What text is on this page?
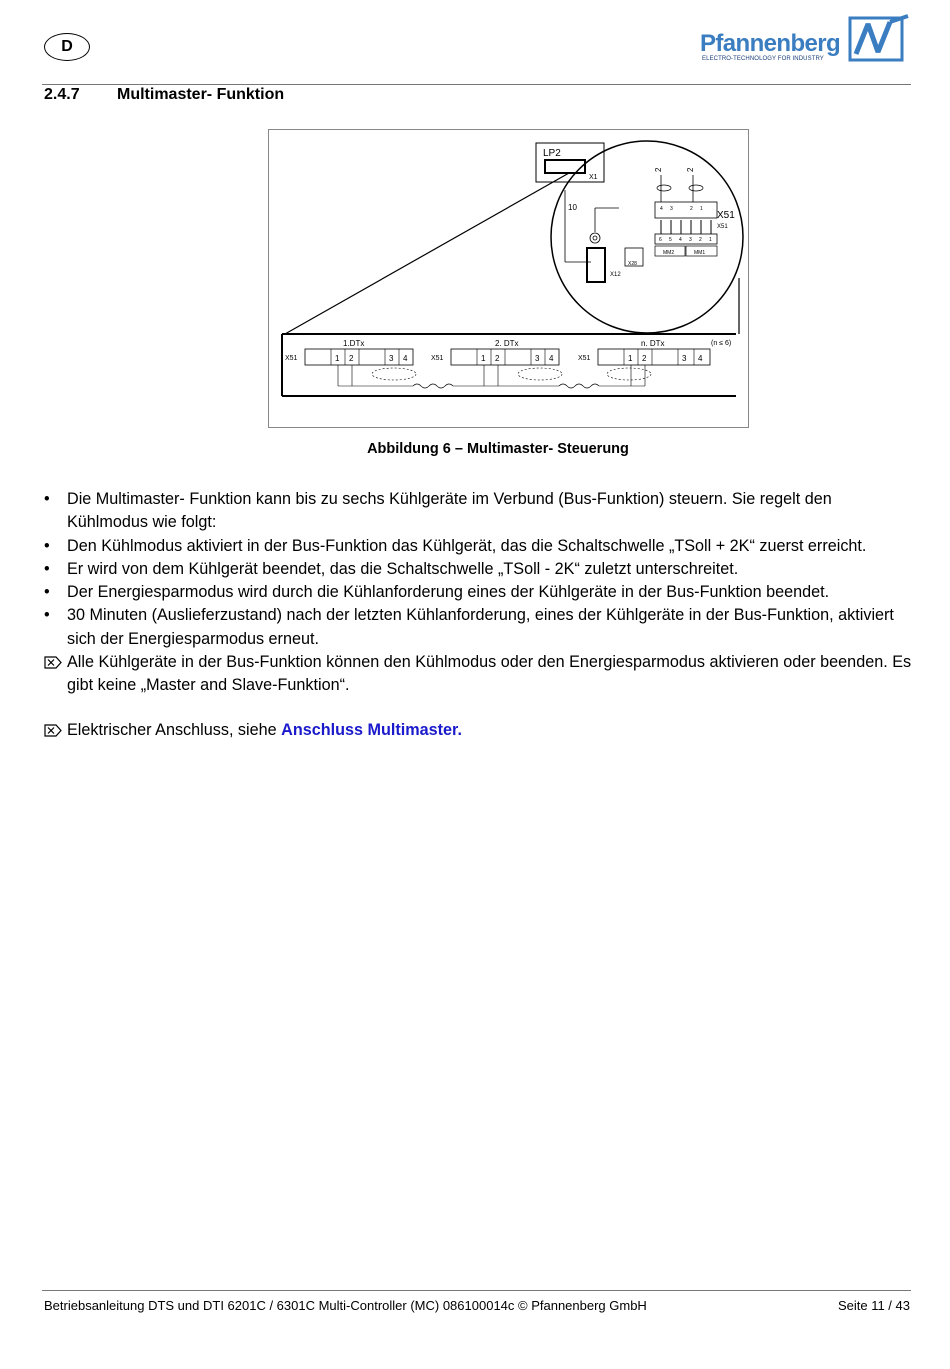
D	Pfannenberg
ELECTRO-TECHNOLOGY FOR INDUSTRY
2.4.7 Multimaster- Funktion
LP2
X1
10
X12
X28
2	2
4 3	2 1
X51
X51
6 5 4 3 2 1
MM2	MM1
1.DTx	2. DTx	n. DTx	(n ≤ 6)
X51	1 2	3 4	X51	1 2	3 4	X51	1 2	3 4
Abbildung 6 – Multimaster- Steuerung
• Die Multimaster- Funktion kann bis zu sechs Kühlgeräte im Verbund (Bus-Funktion) steuern. Sie regelt den Kühlmodus wie folgt:
• Den Kühlmodus aktiviert in der Bus-Funktion das Kühlgerät, das die Schaltschwelle „TSoll + 2K“ zuerst erreicht.
• Er wird von dem Kühlgerät beendet, das die Schaltschwelle „TSoll - 2K“ zuletzt unterschreitet.
• Der Energiesparmodus wird durch die Kühlanforderung eines der Kühlgeräte in der Bus-Funktion beendet.
• 30 Minuten (Auslieferzustand) nach der letzten Kühlanforderung, eines der Kühlgeräte in der Bus-Funktion, aktiviert sich der Energiesparmodus erneut.
Alle Kühlgeräte in der Bus-Funktion können den Kühlmodus oder den Energiesparmodus aktivieren oder beenden. Es gibt keine „Master and Slave-Funktion“.
Elektrischer Anschluss, siehe Anschluss Multimaster.
Betriebsanleitung DTS und DTI 6201C / 6301C Multi-Controller (MC) 086100014c © Pfannenberg GmbH	Seite 11 / 43
